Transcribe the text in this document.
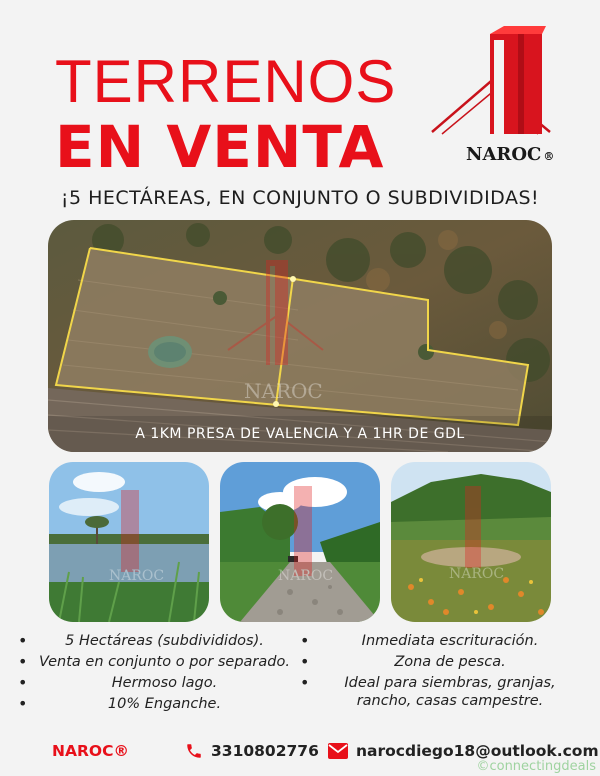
TERRENOS
EN VENTA	NAROC ®
¡5 HECTÁREAS, EN CONJUNTO O SUBDIVIDIDAS!
NAROC
A 1KM PRESA DE VALENCIA Y A 1HR DE GDL
NAROC	NAROC	NAROC
• 5 Hectáreas (subdivididos).
• Venta en conjunto o por separado.
• Hermoso lago.
• 10% Enganche.
• Inmediata escrituración.
• Zona de pesca.
• Ideal para siembras, granjas, rancho, casas campestre.
NAROC®	3310802776 narocdiego18@outlook.com
©connectingdeals
